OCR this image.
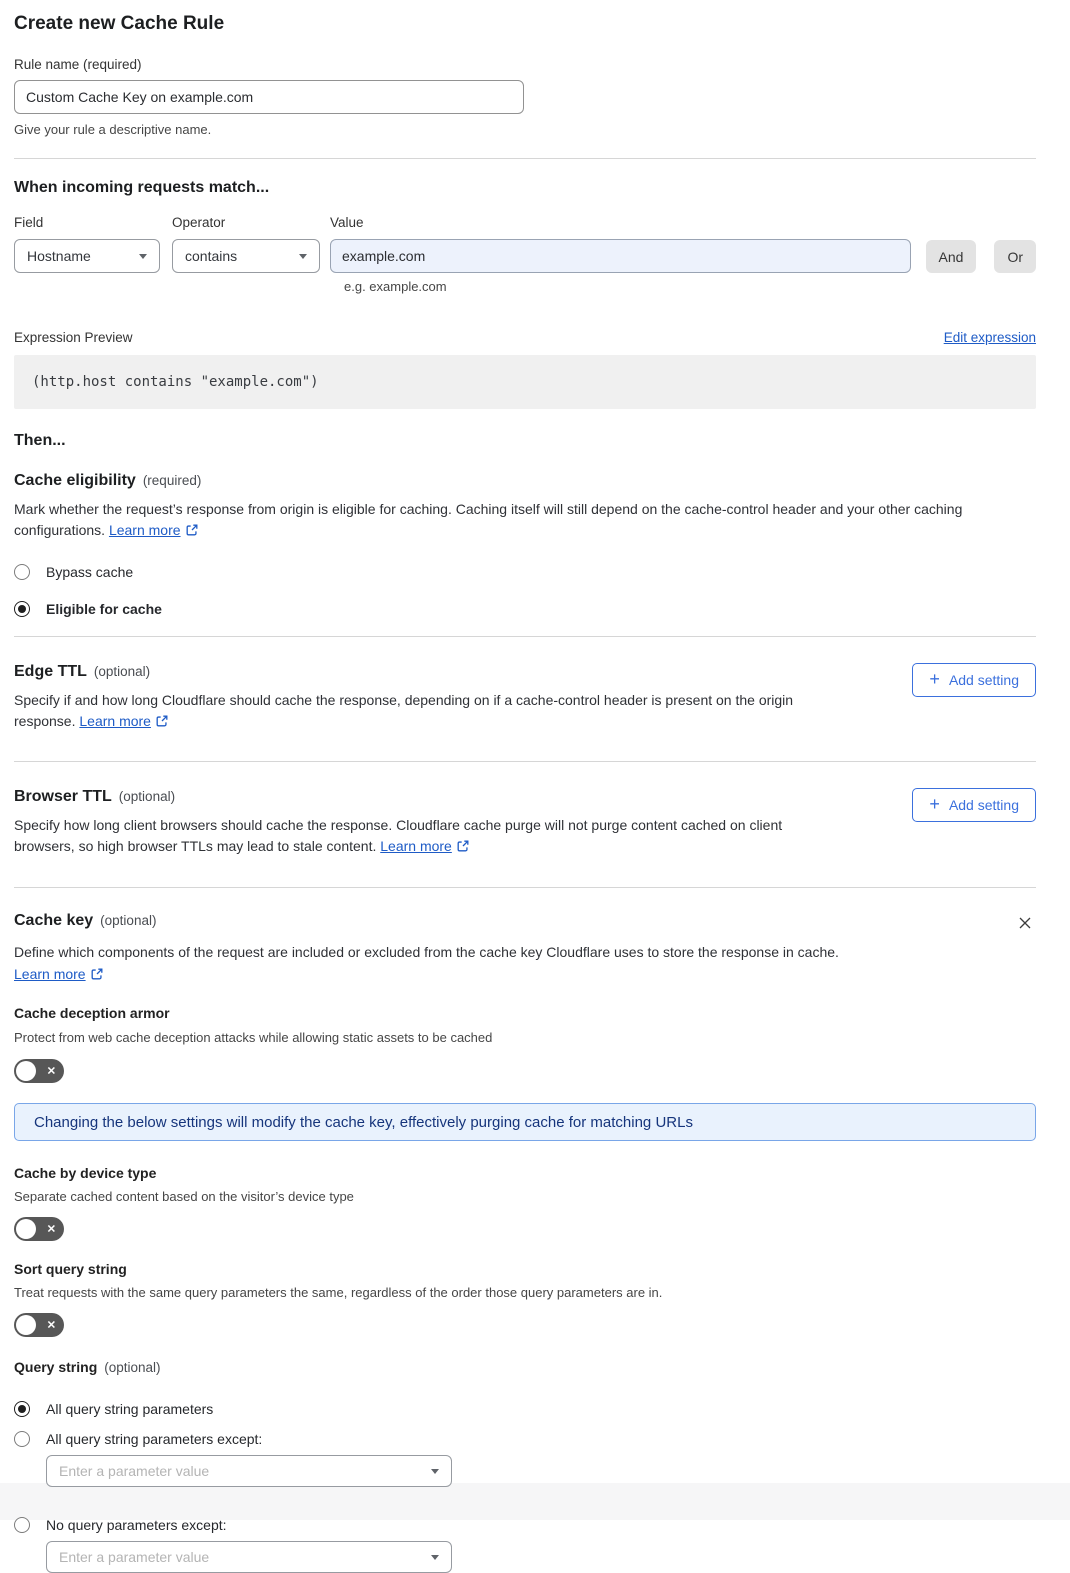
Create new Cache Rule
Rule name (required)
Custom Cache Key on example.com
Give your rule a descriptive name.
When incoming requests match...
Field
Hostname
Operator
contains
Value
example.com
And	Or
e.g. example.com
Expression Preview	Edit expression
(http.host contains "example.com")
Then...
Cache eligibility (required)

Mark whether the request’s response from origin is eligible for caching. Caching itself will still depend on the cache-control header and your other caching configurations. Learn more

Bypass cache
Eligible for cache
Edge TTL (optional)

Specify if and how long Cloudflare should cache the response, depending on if a cache-control header is present on the origin response. Learn more

+ Add setting
Browser TTL (optional)

Specify how long client browsers should cache the response. Cloudflare cache purge will not purge content cached on client browsers, so high browser TTLs may lead to stale content. Learn more

+ Add setting
Cache key (optional)

Define which components of the request are included or excluded from the cache key Cloudflare uses to store the response in cache.

Learn more

Cache deception armor
Protect from web cache deception attacks while allowing static assets to be cached
✕
Changing the below settings will modify the cache key, effectively purging cache for matching URLs
Cache by device type
Separate cached content based on the visitor’s device type
✕
Sort query string
Treat requests with the same query parameters the same, regardless of the order those query parameters are in.
✕
Query string (optional)
All query string parameters
All query string parameters except:
Enter a parameter value
No query parameters except:
Enter a parameter value
